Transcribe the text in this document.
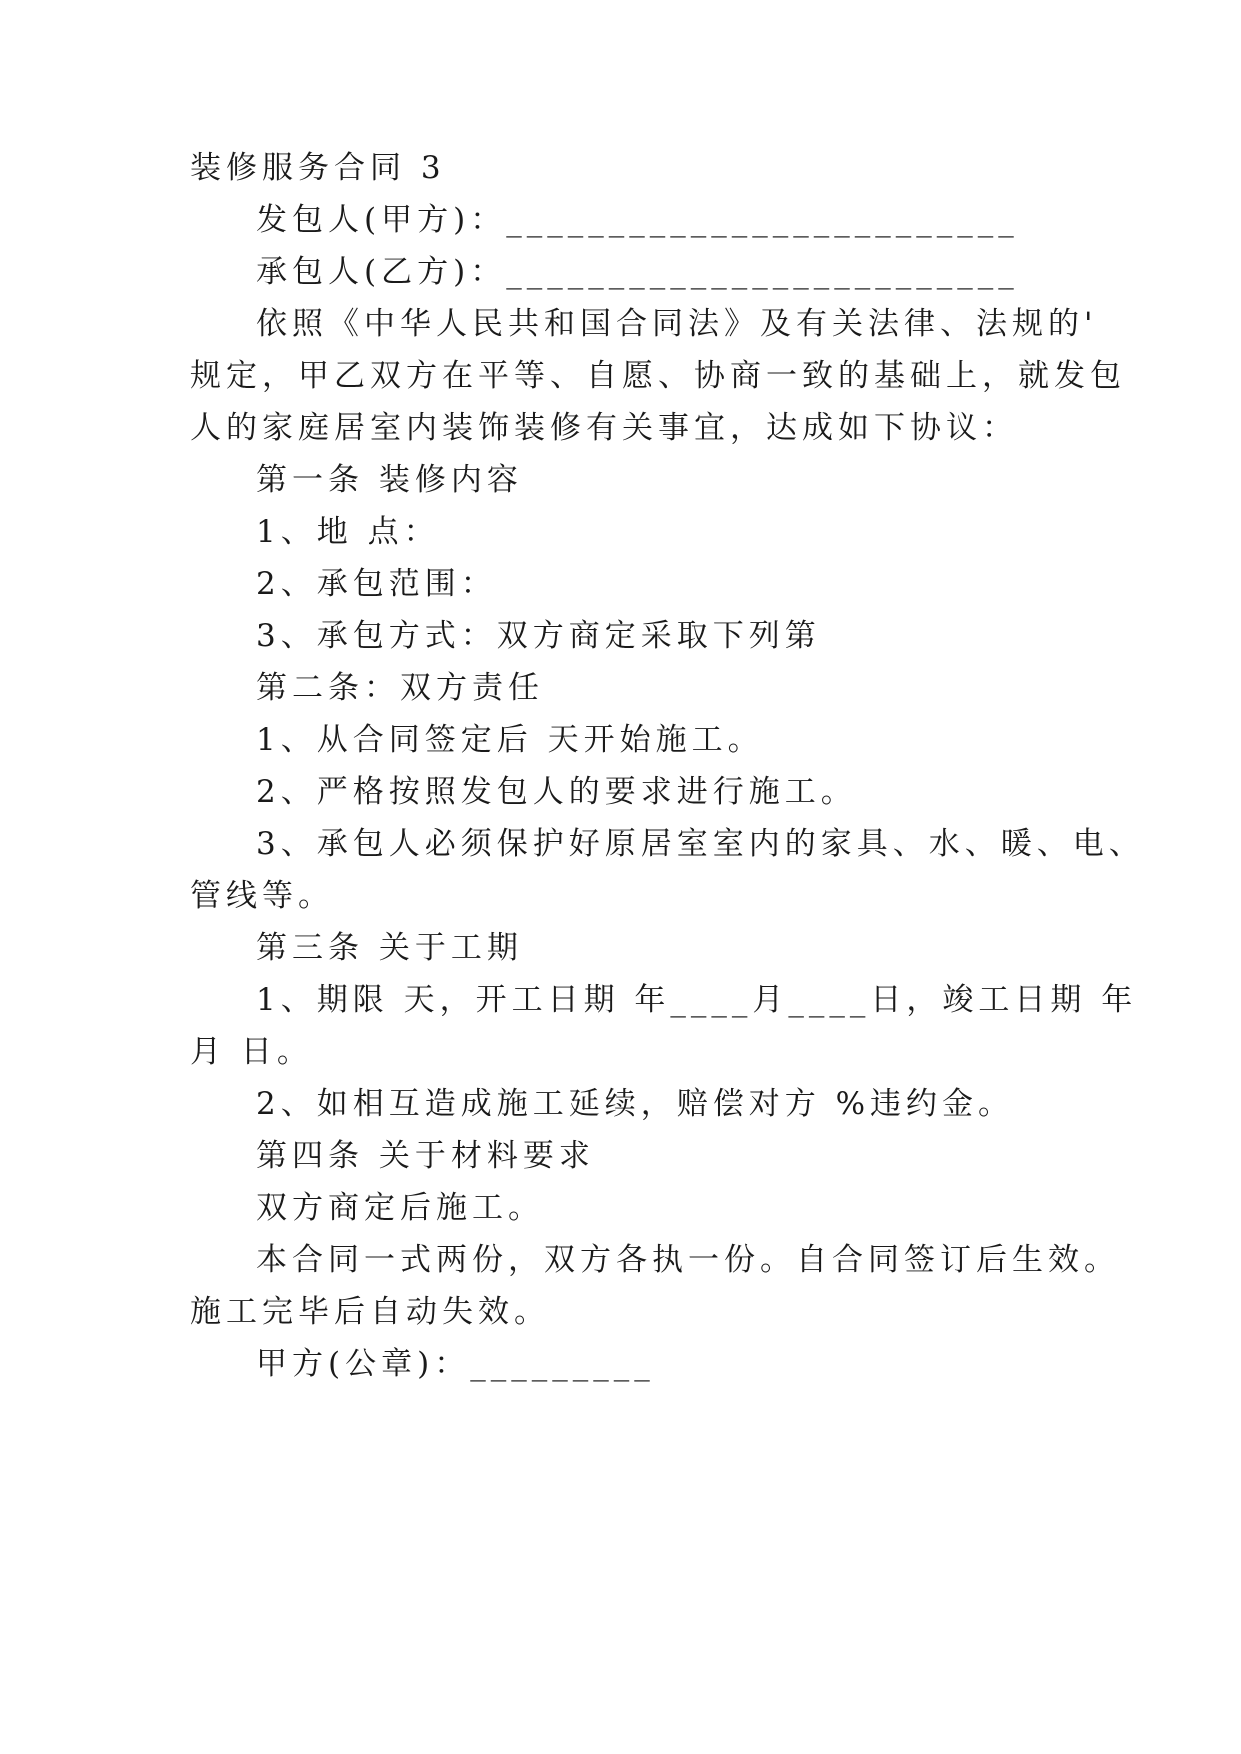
装修服务合同 3
发包人(甲方)：_________________________
承包人(乙方)：_________________________
依照《中华人民共和国合同法》及有关法律、法规的'
规定，甲乙双方在平等、自愿、协商一致的基础上，就发包
人的家庭居室内装饰装修有关事宜，达成如下协议：
第一条 装修内容
1、地 点：
2、承包范围：
3、承包方式：双方商定采取下列第
第二条：双方责任
1、从合同签定后 天开始施工。
2、严格按照发包人的要求进行施工。
3、承包人必须保护好原居室室内的家具、水、暖、电、
管线等。
第三条 关于工期
1、期限 天，开工日期 年____月____日，竣工日期 年
月 日。
2、如相互造成施工延续，赔偿对方 %违约金。
第四条 关于材料要求
双方商定后施工。
本合同一式两份，双方各执一份。自合同签订后生效。
施工完毕后自动失效。
甲方(公章)：_________
